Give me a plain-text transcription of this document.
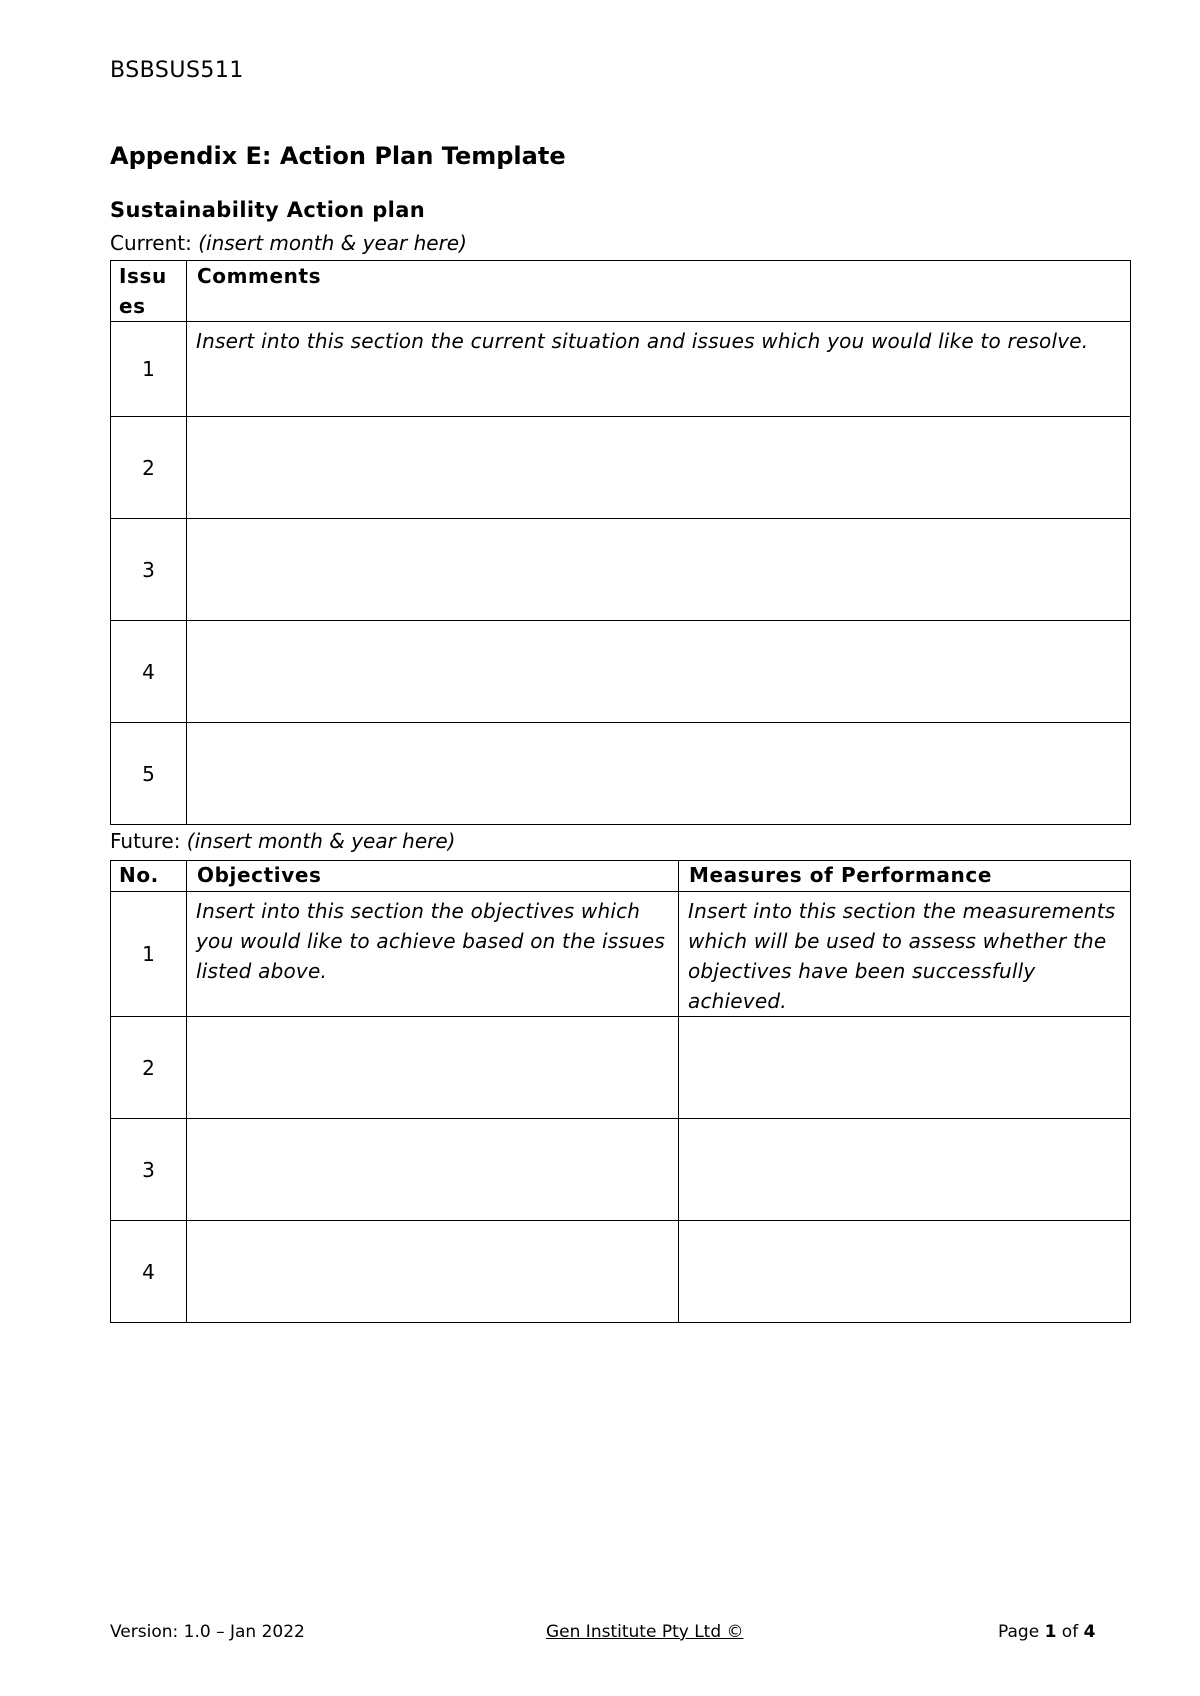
BSBSUS511
Appendix E: Action Plan Template
Sustainability Action plan
Current: (insert month & year here)
Issu es	Comments
1	Insert into this section the current situation and issues which you would like to resolve.
2	
3	
4	
5	
Future: (insert month & year here)
No.	Objectives	Measures of Performance
1	Insert into this section the objectives which you would like to achieve based on the issues listed above.	Insert into this section the measurements which will be used to assess whether the objectives have been successfully achieved.
2		
3		
4		
Version: 1.0 – Jan 2022	Gen Institute Pty Ltd ©	Page 1 of 4
